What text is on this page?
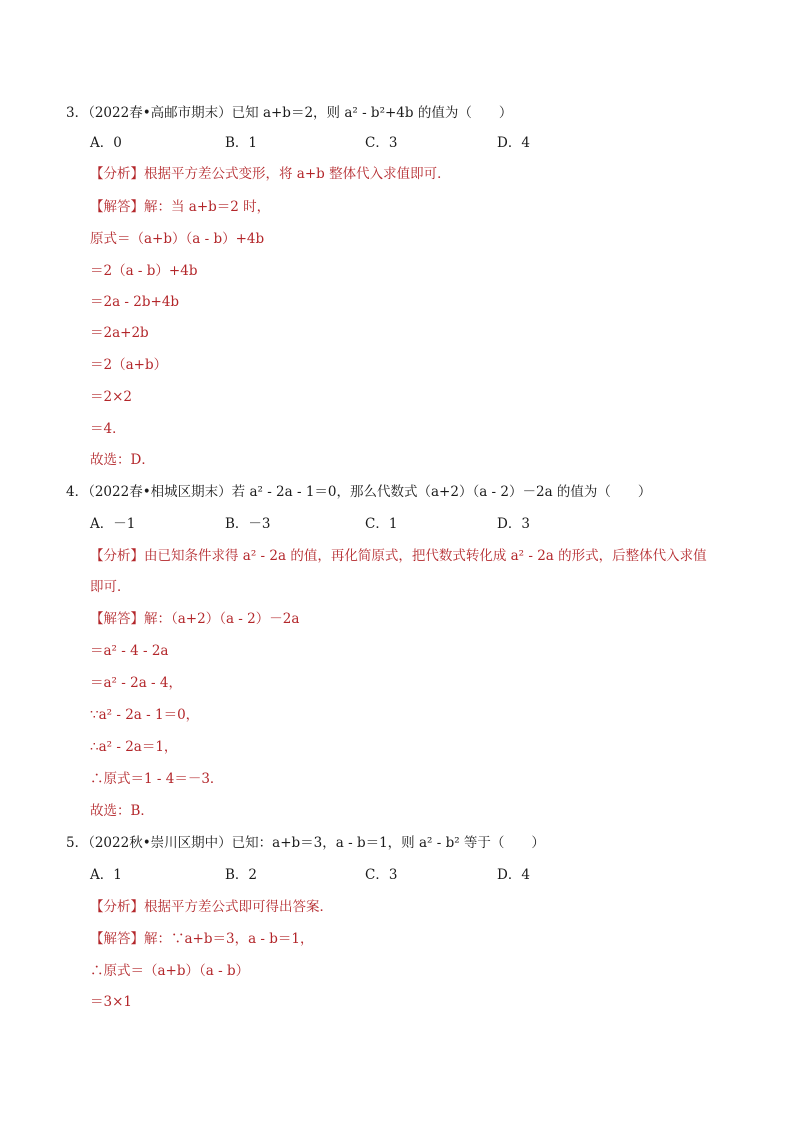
3．（2022春•高邮市期末）已知 a+b＝2，则 a² - b²+4b 的值为（　　）
A．0	B．1	C．3	D．4
【分析】根据平方差公式变形，将 a+b 整体代入求值即可．
【解答】解：当 a+b＝2 时，
原式＝（a+b）（a - b）+4b
＝2（a - b）+4b
＝2a - 2b+4b
＝2a+2b
＝2（a+b）
＝2×2
＝4．
故选：D．
4．（2022春•相城区期末）若 a² - 2a - 1＝0，那么代数式（a+2）（a - 2）－2a 的值为（　　）
A．－1	B．－3	C．1	D．3
【分析】由已知条件求得 a² - 2a 的值，再化简原式，把代数式转化成 a² - 2a 的形式，后整体代入求值
即可．
【解答】解：（a+2）（a - 2）－2a
＝a² - 4 - 2a
＝a² - 2a - 4，
∵a² - 2a - 1＝0，
∴a² - 2a＝1，
∴原式＝1 - 4＝－3．
故选：B．
5．（2022秋•崇川区期中）已知：a+b＝3，a - b＝1，则 a² - b² 等于（　　）
A．1	B．2	C．3	D．4
【分析】根据平方差公式即可得出答案．
【解答】解：∵a+b＝3，a - b＝1，
∴原式＝（a+b）（a - b）
＝3×1
